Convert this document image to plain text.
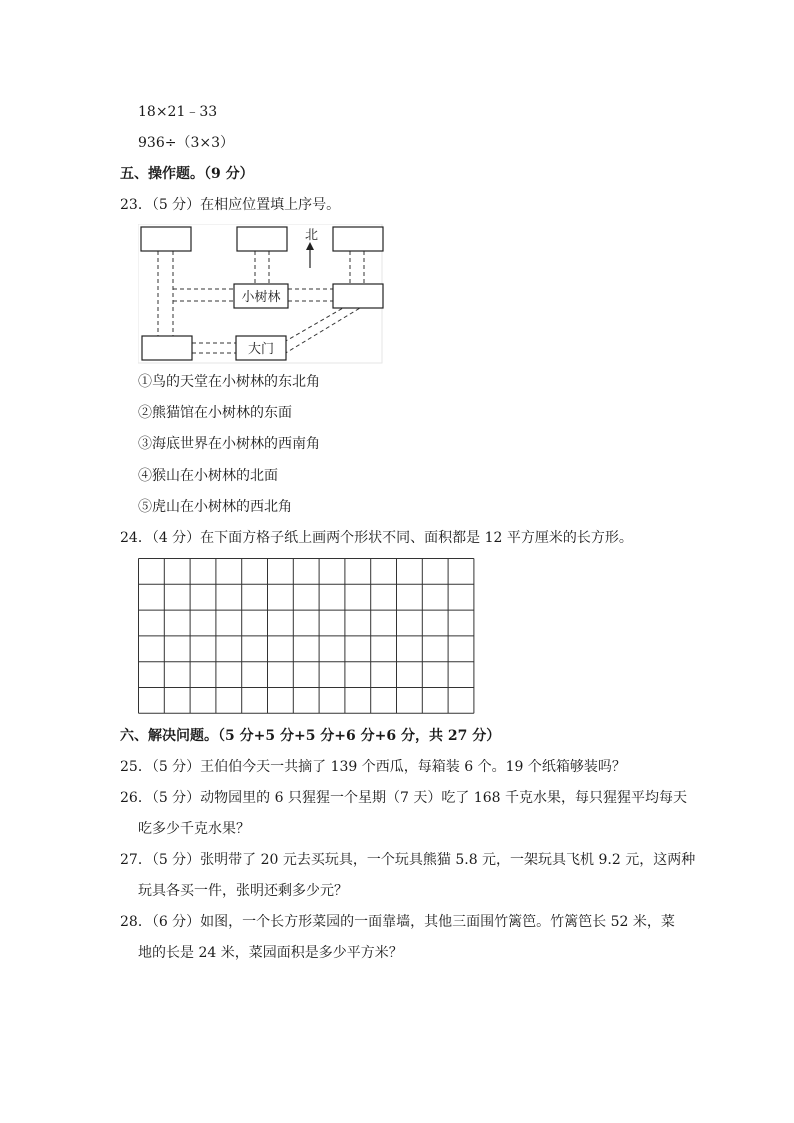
18×21﹣33
936÷（3×3）
五、操作题。（9 分）
23．（5 分）在相应位置填上序号。
北
小树林
大门
①鸟的天堂在小树林的东北角
②熊猫馆在小树林的东面
③海底世界在小树林的西南角
④猴山在小树林的北面
⑤虎山在小树林的西北角
24．（4 分）在下面方格子纸上画两个形状不同、面积都是 12 平方厘米的长方形。
六、解决问题。（5 分+5 分+5 分+6 分+6 分，共 27 分）
25．（5 分）王伯伯今天一共摘了 139 个西瓜，每箱装 6 个。19 个纸箱够装吗？
26．（5 分）动物园里的 6 只猩猩一个星期（7 天）吃了 168 千克水果，每只猩猩平均每天
吃多少千克水果？
27．（5 分）张明带了 20 元去买玩具，一个玩具熊猫 5.8 元，一架玩具飞机 9.2 元，这两种
玩具各买一件，张明还剩多少元？
28．（6 分）如图，一个长方形菜园的一面靠墙，其他三面围竹篱笆。竹篱笆长 52 米，菜
地的长是 24 米，菜园面积是多少平方米？
